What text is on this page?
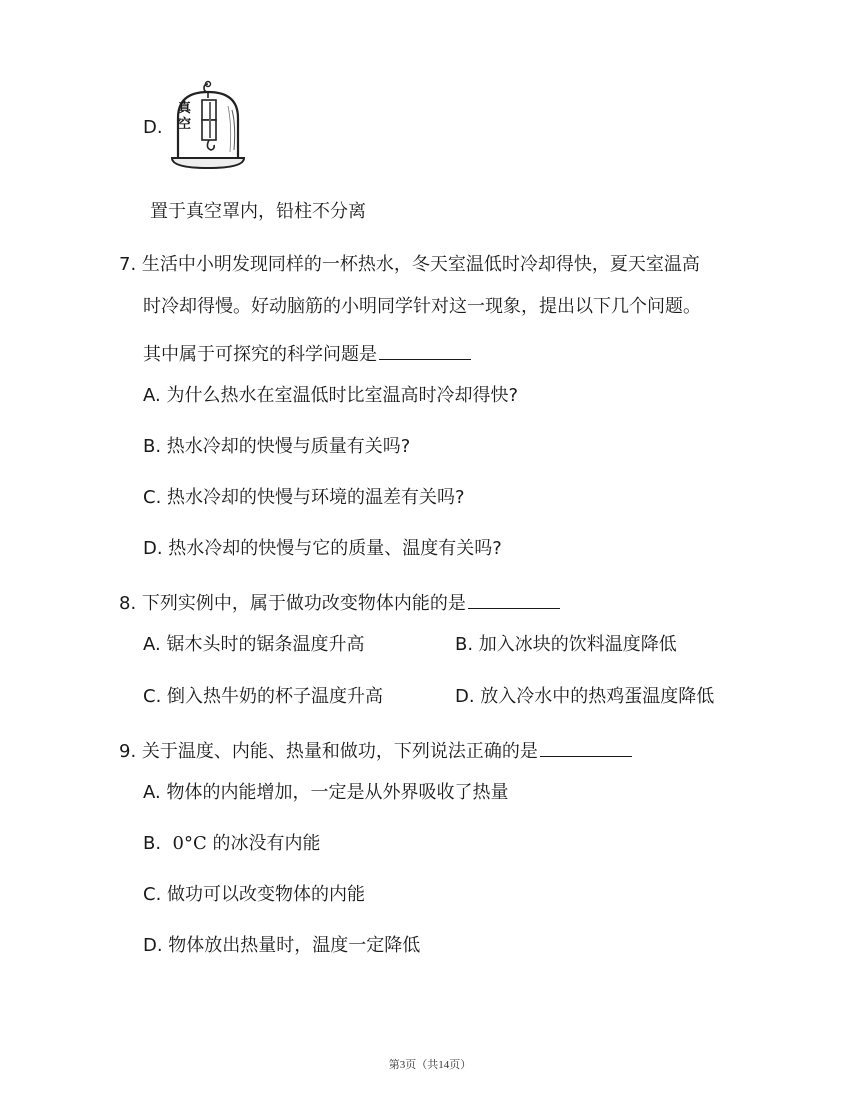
D.
真空
置于真空罩内，铅柱不分离
7. 生活中小明发现同样的一杯热水，冬天室温低时冷却得快，夏天室温高
时冷却得慢。好动脑筋的小明同学针对这一现象，提出以下几个问题。
其中属于可探究的科学问题是
A. 为什么热水在室温低时比室温高时冷却得快?
B. 热水冷却的快慢与质量有关吗?
C. 热水冷却的快慢与环境的温差有关吗?
D. 热水冷却的快慢与它的质量、温度有关吗?
8. 下列实例中，属于做功改变物体内能的是
A. 锯木头时的锯条温度升高	B. 加入冰块的饮料温度降低
C. 倒入热牛奶的杯子温度升高	D. 放入冷水中的热鸡蛋温度降低
9. 关于温度、内能、热量和做功，下列说法正确的是
A. 物体的内能增加，一定是从外界吸收了热量
B. 0°C 的冰没有内能
C. 做功可以改变物体的内能
D. 物体放出热量时，温度一定降低
第3页（共14页）
